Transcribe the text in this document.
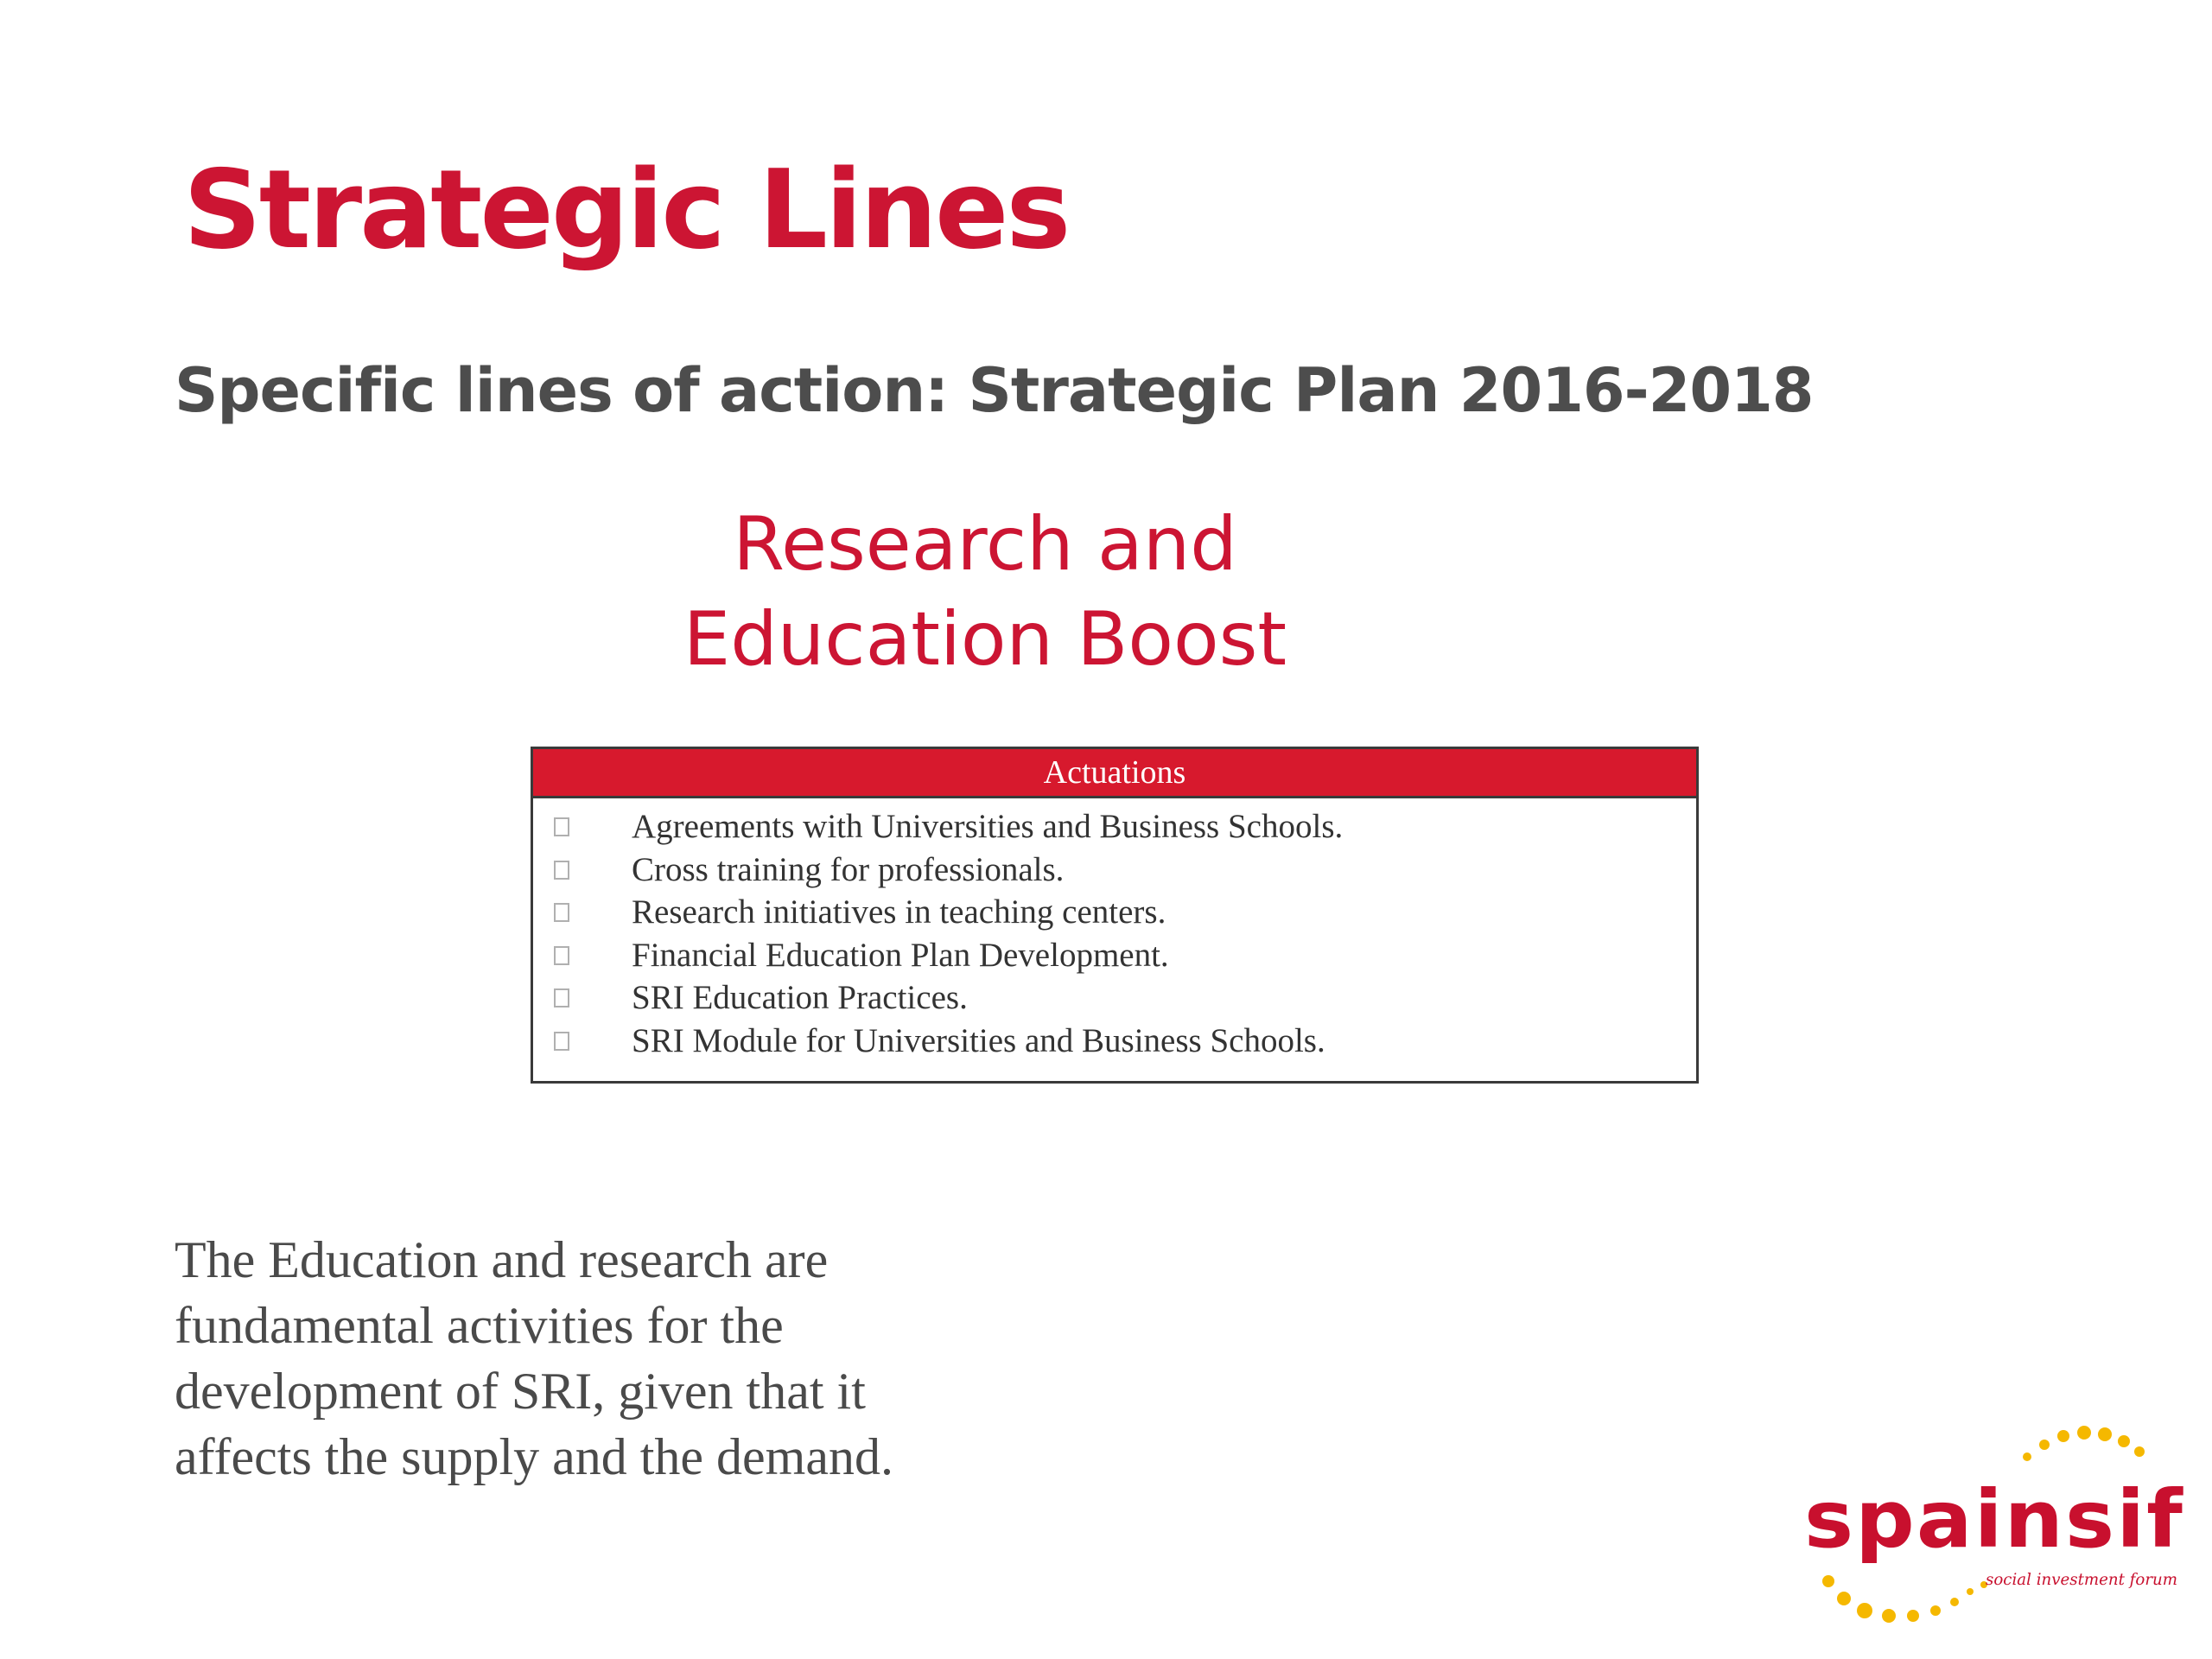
Strategic Lines
Specific lines of action: Strategic Plan 2016-2018
Research and
Education Boost
Actuations
Agreements with Universities and Business Schools.
Cross training for professionals.
Research initiatives in teaching centers.
Financial Education Plan Development.
SRI Education Practices.
SRI Module for Universities and Business Schools.
The Education and research are
fundamental activities for the
development of SRI, given that it
affects the supply and the demand.
spainsif
social investment forum
